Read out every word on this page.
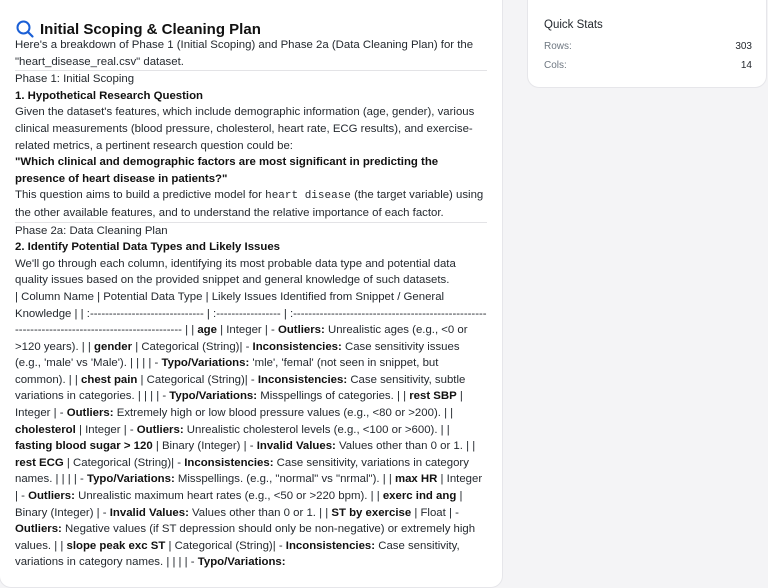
Initial Scoping & Cleaning Plan

Here's a breakdown of Phase 1 (Initial Scoping) and Phase 2a (Data Cleaning Plan) for the "heart_disease_real.csv" dataset.

Phase 1: Initial Scoping

1. Hypothetical Research Question

Given the dataset's features, which include demographic information (age, gender), various clinical measurements (blood pressure, cholesterol, heart rate, ECG results), and exercise-related metrics, a pertinent research question could be:

"Which clinical and demographic factors are most significant in predicting the presence of heart disease in patients?"

This question aims to build a predictive model for heart disease (the target variable) using the other available features, and to understand the relative importance of each factor.

Phase 2a: Data Cleaning Plan

2. Identify Potential Data Types and Likely Issues

We'll go through each column, identifying its most probable data type and potential data quality issues based on the provided snippet and general knowledge of such datasets.

| Column Name | Potential Data Type | Likely Issues Identified from Snippet / General Knowledge | | :------------------------------ | :----------------- | :----------------------------------------------------------------------------------------------- | | age | Integer | - Outliers: Unrealistic ages (e.g., <0 or >120 years). | | gender | Categorical (String)| - Inconsistencies: Case sensitivity issues (e.g., 'male' vs 'Male'). | | | | - Typo/Variations: 'mle', 'femal' (not seen in snippet, but common). | | chest pain | Categorical (String)| - Inconsistencies: Case sensitivity, subtle variations in categories. | | | | - Typo/Variations: Misspellings of categories. | | rest SBP | Integer | - Outliers: Extremely high or low blood pressure values (e.g., <80 or >200). | | cholesterol | Integer | - Outliers: Unrealistic cholesterol levels (e.g., <100 or >600). | | fasting blood sugar > 120 | Binary (Integer) | - Invalid Values: Values other than 0 or 1. | | rest ECG | Categorical (String)| - Inconsistencies: Case sensitivity, variations in category names. | | | | - Typo/Variations: Misspellings. (e.g., "normal" vs "nrmal"). | | max HR | Integer | - Outliers: Unrealistic maximum heart rates (e.g., <50 or >220 bpm). | | exerc ind ang | Binary (Integer) | - Invalid Values: Values other than 0 or 1. | | ST by exercise | Float | - Outliers: Negative values (if ST depression should only be non-negative) or extremely high values. | | slope peak exc ST | Categorical (String)| - Inconsistencies: Case sensitivity, variations in category names. | | | | - Typo/Variations:

Quick Stats
Rows:	303
Cols:	14
